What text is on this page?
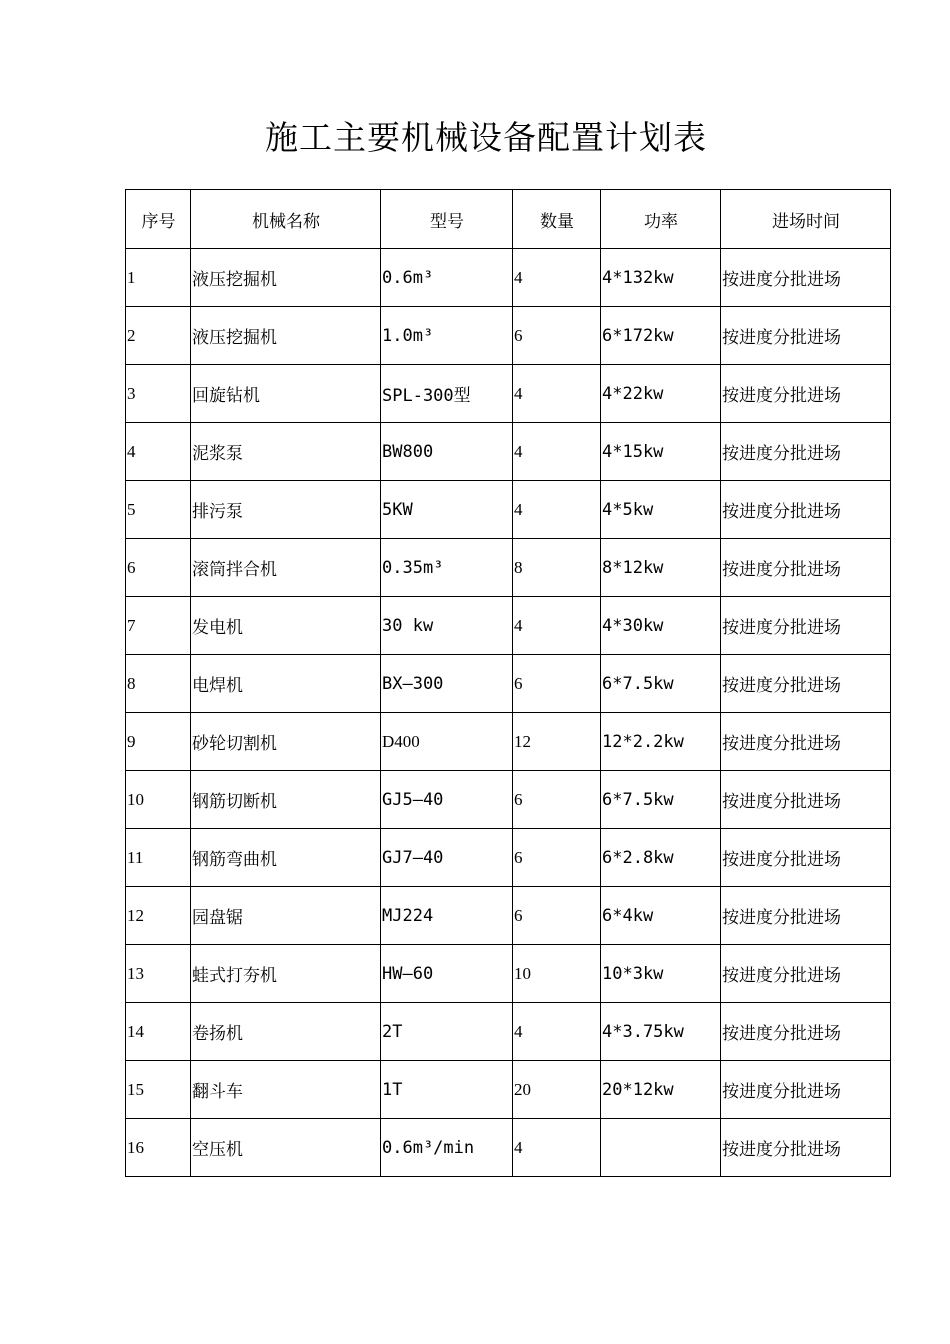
施工主要机械设备配置计划表
序号	机械名称	型号	数量	功率	进场时间
1	液压挖掘机	0.6m³	4	4*132kw	按进度分批进场
2	液压挖掘机	1.0m³	6	6*172kw	按进度分批进场
3	回旋钻机	SPL-300型	4	4*22kw	按进度分批进场
4	泥浆泵	BW800	4	4*15kw	按进度分批进场
5	排污泵	5KW	4	4*5kw	按进度分批进场
6	滚筒拌合机	0.35m³	8	8*12kw	按进度分批进场
7	发电机	30 kw	4	4*30kw	按进度分批进场
8	电焊机	BX—300	6	6*7.5kw	按进度分批进场
9	砂轮切割机	D400	12	12*2.2kw	按进度分批进场
10	钢筋切断机	GJ5—40	6	6*7.5kw	按进度分批进场
11	钢筋弯曲机	GJ7—40	6	6*2.8kw	按进度分批进场
12	园盘锯	MJ224	6	6*4kw	按进度分批进场
13	蛙式打夯机	HW—60	10	10*3kw	按进度分批进场
14	卷扬机	2T	4	4*3.75kw	按进度分批进场
15	翻斗车	1T	20	20*12kw	按进度分批进场
16	空压机	0.6m³/min	4		按进度分批进场
